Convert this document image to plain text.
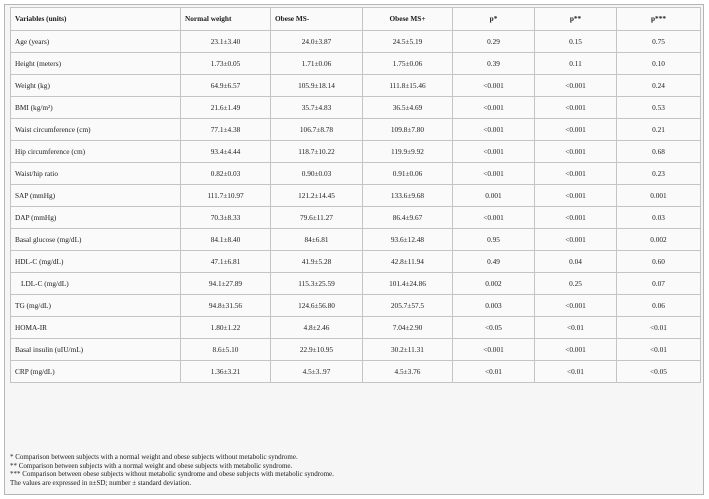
Variables (units)	Normal weight	Obese MS-	Obese MS+	p*	p**	p***
Age (years)	23.1±3.40	24.0±3.87	24.5±5.19	0.29	0.15	0.75
Height (meters)	1.73±0.05	1.71±0.06	1.75±0.06	0.39	0.11	0.10
Weight (kg)	64.9±6.57	105.9±18.14	111.8±15.46	<0.001	<0.001	0.24
BMI (kg/m²)	21.6±1.49	35.7±4.83	36.5±4.69	<0.001	<0.001	0.53
Waist circumference (cm)	77.1±4.38	106.7±8.78	109.8±7.80	<0.001	<0.001	0.21
Hip circumference (cm)	93.4±4.44	118.7±10.22	119.9±9.92	<0.001	<0.001	0.68
Waist/hip ratio	0.82±0.03	0.90±0.03	0.91±0.06	<0.001	<0.001	0.23
SAP (mmHg)	111.7±10.97	121.2±14.45	133.6±9.68	0.001	<0.001	0.001
DAP (mmHg)	70.3±8.33	79.6±11.27	86.4±9.67	<0.001	<0.001	0.03
Basal glucose (mg/dL)	84.1±8.40	84±6.81	93.6±12.48	0.95	<0.001	0.002
HDL-C (mg/dL)	47.1±6.81	41.9±5.28	42.8±11.94	0.49	0.04	0.60
LDL-C (mg/dL)	94.1±27.89	115.3±25.59	101.4±24.86	0.002	0.25	0.07
TG (mg/dL)	94.8±31.56	124.6±56.80	205.7±57.5	0.003	<0.001	0.06
HOMA-IR	1.80±1.22	4.8±2.46	7.04±2.90	<0.05	<0.01	<0.01
Basal insulin (uIU/mL)	8.6±5.10	22.9±10.95	30.2±11.31	<0.001	<0.001	<0.01
CRP (mg/dL)	1.36±3.21	4.5±3..97	4.5±3.76	<0.01	<0.01	<0.05
* Comparison between subjects with a normal weight and obese subjects without metabolic syndrome.
** Comparison between subjects with a normal weight and obese subjects with metabolic syndrome.
*** Comparison between obese subjects without metabolic syndrome and obese subjects with metabolic syndrome.
The values are expressed in n±SD; number ± standard deviation.
